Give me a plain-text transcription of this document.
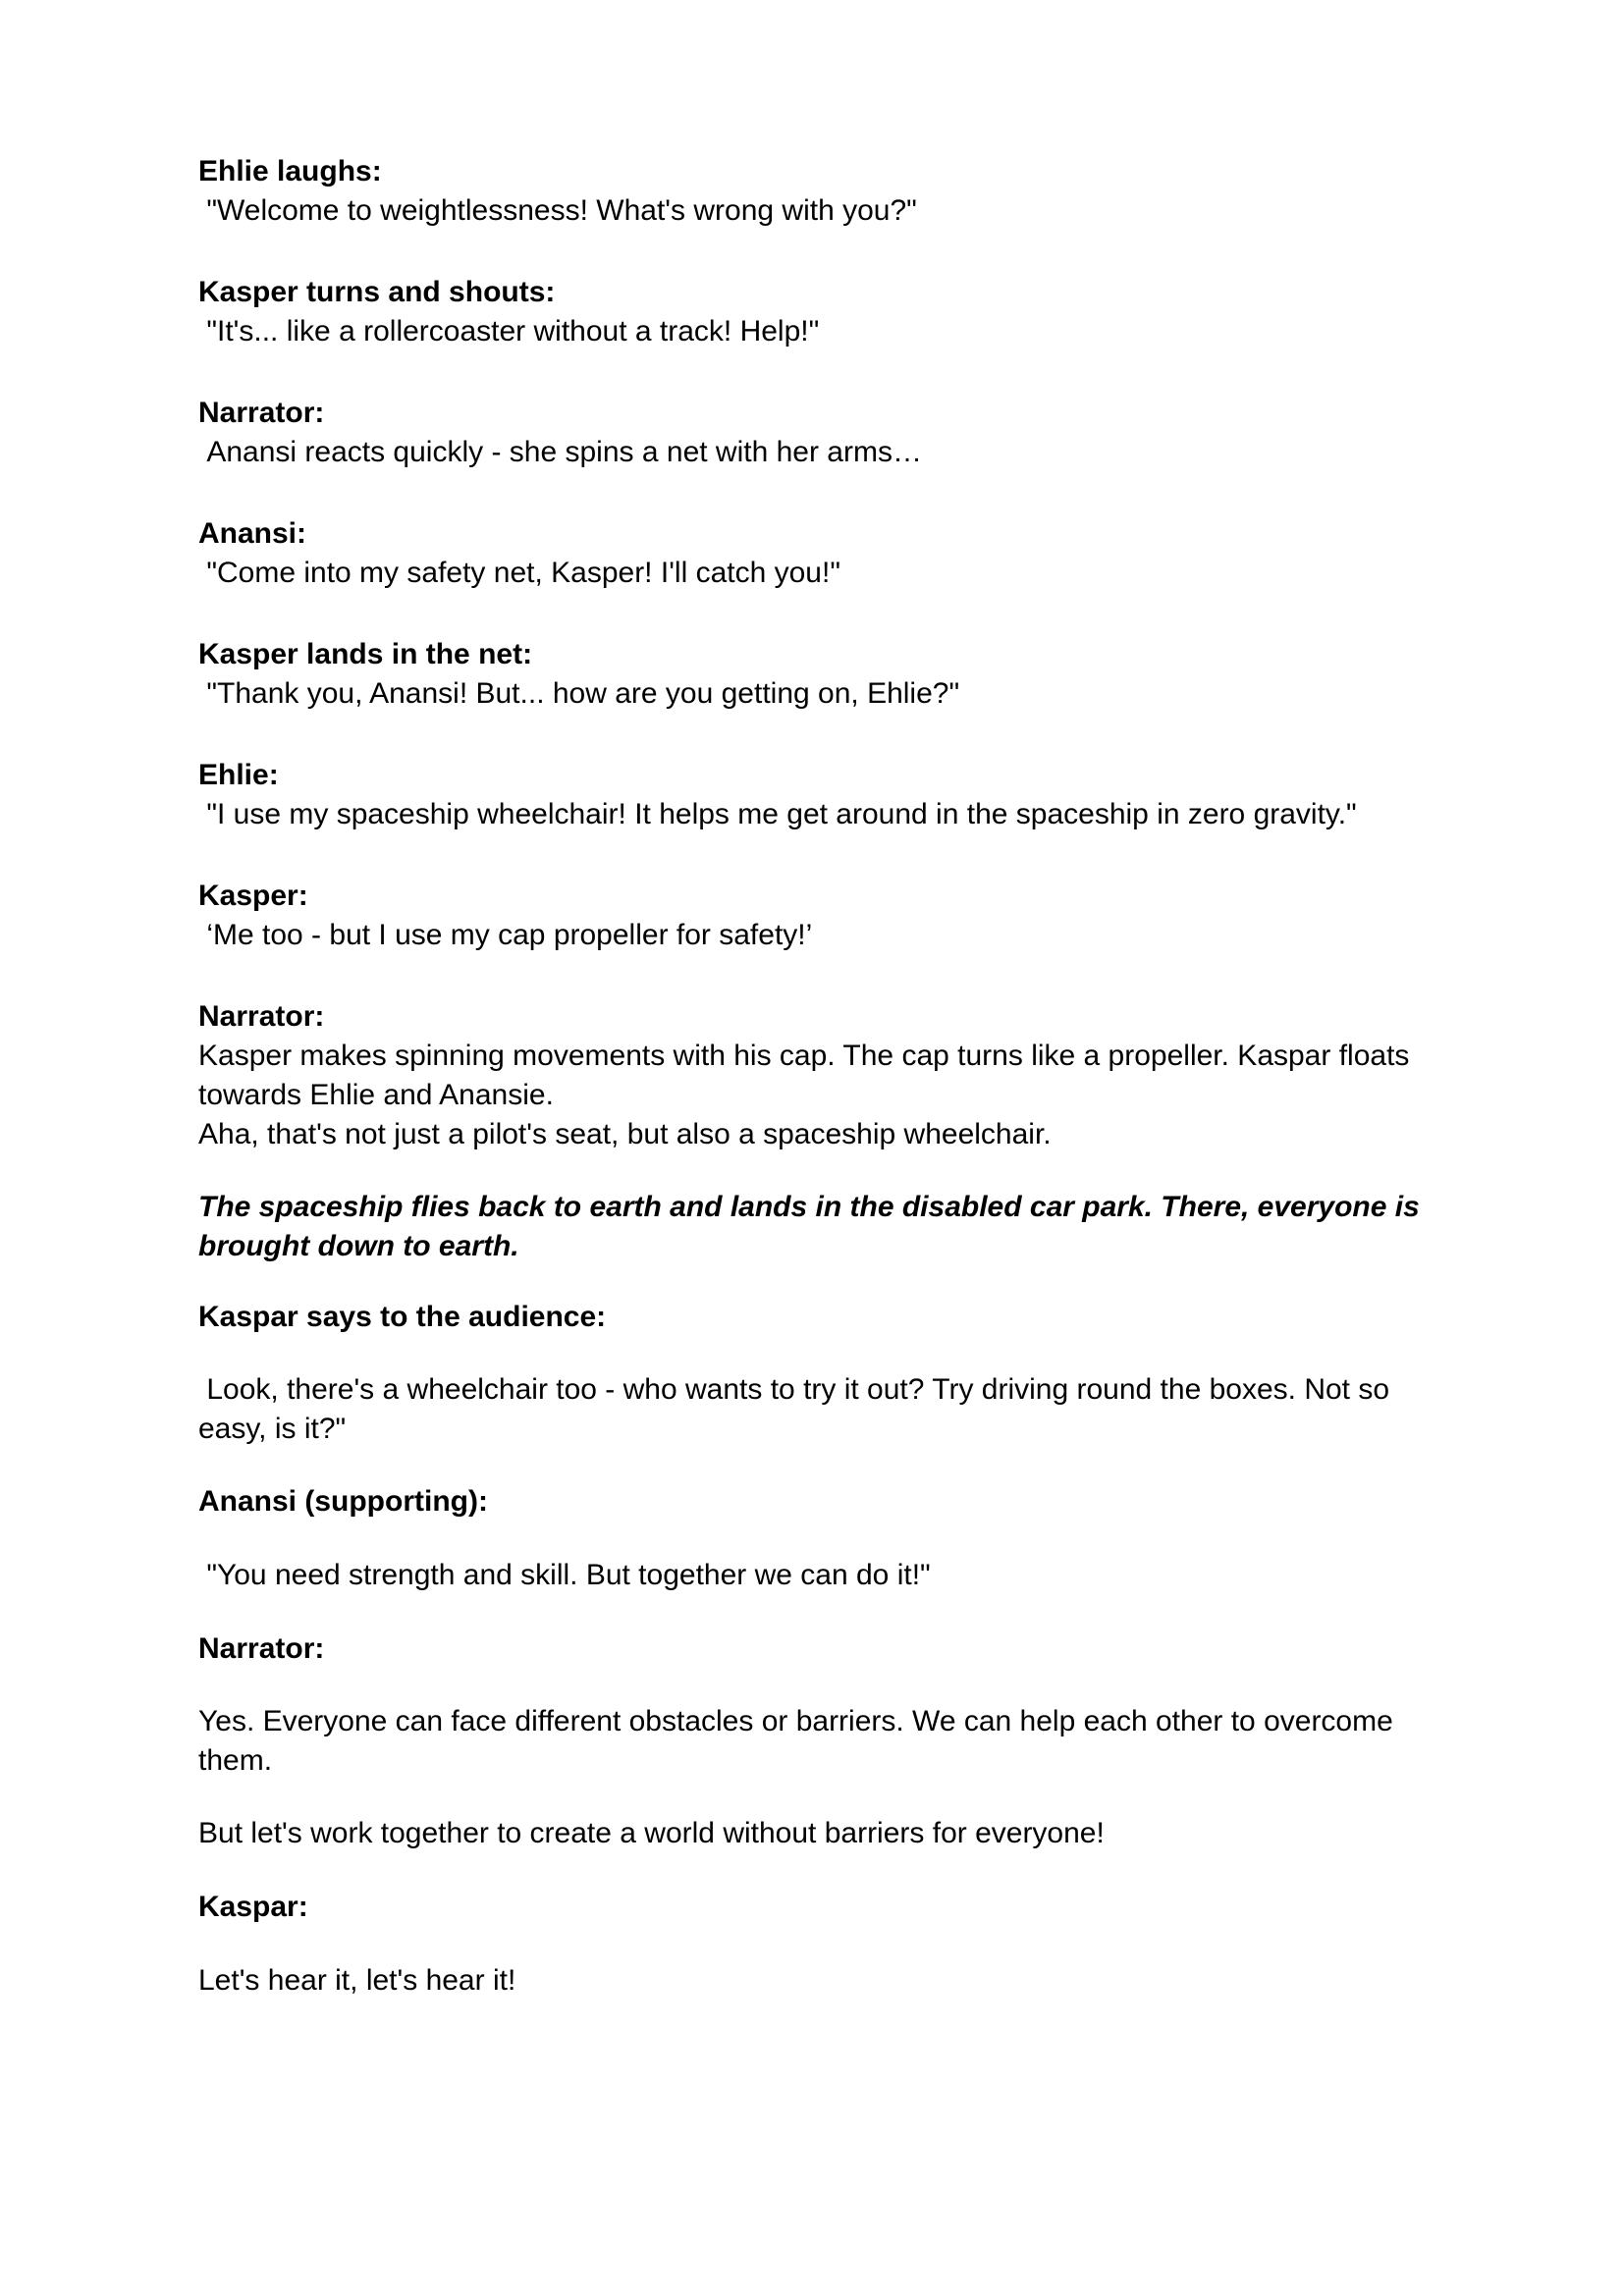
Ehlie laughs:
"Welcome to weightlessness! What's wrong with you?"
Kasper turns and shouts:
"It's... like a rollercoaster without a track! Help!"
Narrator:
Anansi reacts quickly - she spins a net with her arms…
Anansi:
"Come into my safety net, Kasper! I'll catch you!"
Kasper lands in the net:
"Thank you, Anansi! But... how are you getting on, Ehlie?"
Ehlie:
"I use my spaceship wheelchair! It helps me get around in the spaceship in zero gravity."
Kasper:
‘Me too - but I use my cap propeller for safety!’
Narrator:
Kasper makes spinning movements with his cap. The cap turns like a propeller. Kaspar floats towards Ehlie and Anansie.
Aha, that's not just a pilot's seat, but also a spaceship wheelchair.
The spaceship flies back to earth and lands in the disabled car park. There, everyone is brought down to earth.
Kaspar says to the audience:
Look, there's a wheelchair too - who wants to try it out? Try driving round the boxes. Not so easy, is it?"
Anansi (supporting):
"You need strength and skill. But together we can do it!"
Narrator:
Yes. Everyone can face different obstacles or barriers. We can help each other to overcome them.
But let's work together to create a world without barriers for everyone!
Kaspar:
Let's hear it, let's hear it!
